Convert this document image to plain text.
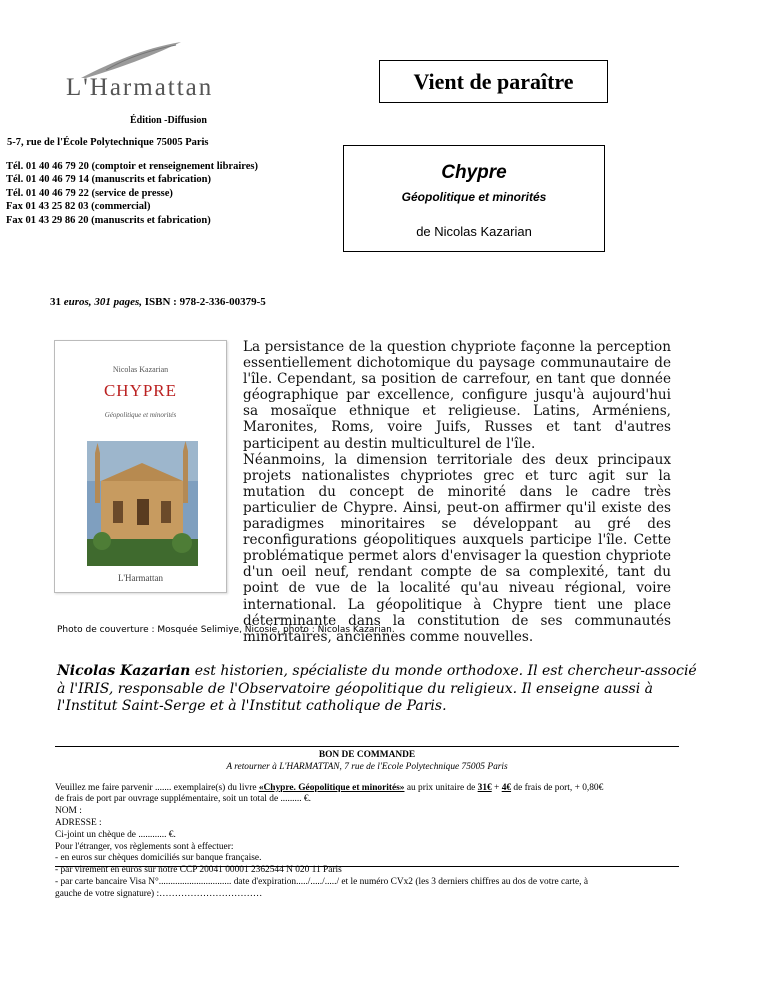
L'Harmattan
Édition -Diffusion
Vient de paraître
5-7, rue de l'École Polytechnique 75005 Paris
Tél. 01 40 46 79 20 (comptoir et renseignement libraires)
Tél. 01 40 46 79 14 (manuscrits et fabrication)
Tél. 01 40 46 79 22 (service de presse)
Fax 01 43 25 82 03 (commercial)
Fax 01 43 29 86 20 (manuscrits et fabrication)
Chypre
Géopolitique et minorités
de Nicolas Kazarian
31 euros, 301 pages, ISBN : 978-2-336-00379-5
Nicolas Kazarian
CHYPRE
Géopolitique et minorités
L'Harmattan

La persistance de la question chypriote façonne la perception essentiellement dichotomique du paysage communautaire de l'île. Cependant, sa position de carrefour, en tant que donnée géographique par excellence, configure jusqu'à aujourd'hui sa mosaïque ethnique et religieuse. Latins, Arméniens, Maronites, Roms, voire Juifs, Russes et tant d'autres participent au destin multiculturel de l'île.

Néanmoins, la dimension territoriale des deux principaux projets nationalistes chypriotes grec et turc agit sur la mutation du concept de minorité dans le cadre très particulier de Chypre. Ainsi, peut-on affirmer qu'il existe des paradigmes minoritaires se développant au gré des reconfigurations géopolitiques auxquels participe l'île. Cette problématique permet alors d'envisager la question chypriote d'un oeil neuf, rendant compte de sa complexité, tant du point de vue de la localité qu'au niveau régional, voire international. La géopolitique à Chypre tient une place déterminante dans la constitution de ses communautés minoritaires, anciennes comme nouvelles.

Photo de couverture : Mosquée Selimiye, Nicosie, photo : Nicolas Kazarian.
Nicolas Kazarian est historien, spécialiste du monde orthodoxe. Il est chercheur-associé à l'IRIS, responsable de l'Observatoire géopolitique du religieux. Il enseigne aussi à l'Institut Saint-Serge et à l'Institut catholique de Paris.
BON DE COMMANDE
A retourner à L'HARMATTAN, 7 rue de l'Ecole Polytechnique 75005 Paris
Veuillez me faire parvenir ....... exemplaire(s) du livre «Chypre. Géopolitique et minorités» au prix unitaire de 31€ + 4€ de frais de port, + 0,80€
de frais de port par ouvrage supplémentaire, soit un total de ......... €.
NOM :
ADRESSE :
Ci-joint un chèque de ............ €.
Pour l'étranger, vos règlements sont à effectuer:
- en euros sur chèques domiciliés sur banque française.
- par virement en euros sur notre CCP 20041 00001 2362544 N 020 11 Paris
- par carte bancaire Visa N°............................... date d'expiration...../...../...../ et le numéro CVx2 (les 3 derniers chiffres au dos de votre carte, à
gauche de votre signature) :……………………………
